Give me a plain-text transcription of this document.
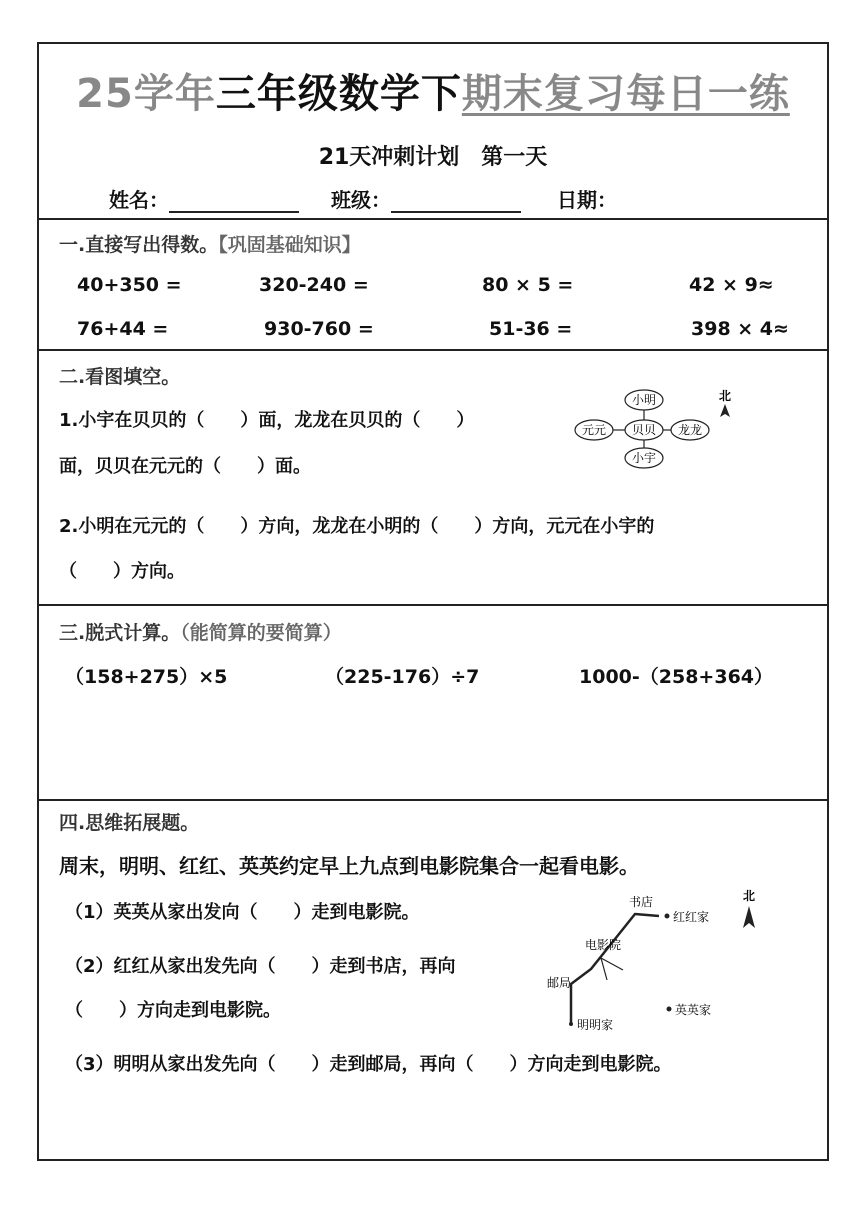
25学年三年级数学下期末复习每日一练
21天冲刺计划　第一天
姓名：	班级：	日期：
一.直接写出得数。【巩固基础知识】
40+350 =	320-240 =	80 × 5 =	42 × 9≈
76+44 =	930-760 =	51-36 =	398 × 4≈
二.看图填空。
1.小宇在贝贝的（　　）面，龙龙在贝贝的（　　）
面，贝贝在元元的（　　）面。
2.小明在元元的（　　）方向，龙龙在小明的（　　）方向，元元在小宇的
（　　）方向。
小明
元元 贝贝 龙龙
小宇
北
三.脱式计算。（能简算的要简算）
（158+275）×5	（225-176）÷7	1000-（258+364）
四.思维拓展题。
周末，明明、红红、英英约定早上九点到电影院集合一起看电影。
（1）英英从家出发向（　　）走到电影院。
（2）红红从家出发先向（　　）走到书店，再向
（　　）方向走到电影院。
（3）明明从家出发先向（　　）走到邮局，再向（　　）方向走到电影院。
书店
红红家
电影院
邮局
明明家
英英家
北
